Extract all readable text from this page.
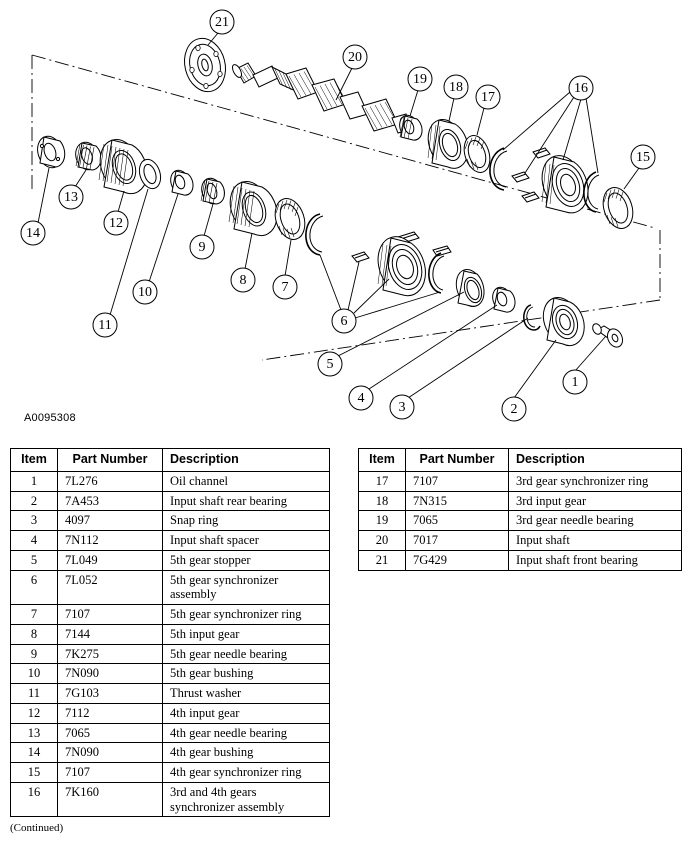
1
2
3
4
5
6
7
8
9
10
11
12
13
14
15
16
17
18
19
20
21
A0095308
Item	Part Number	Description
1	7L276	Oil channel
2	7A453	Input shaft rear bearing
3	4097	Snap ring
4	7N112	Input shaft spacer
5	7L049	5th gear stopper
6	7L052	5th gear synchronizer assembly
7	7107	5th gear synchronizer ring
8	7144	5th input gear
9	7K275	5th gear needle bearing
10	7N090	5th gear bushing
11	7G103	Thrust washer
12	7112	4th input gear
13	7065	4th gear needle bearing
14	7N090	4th gear bushing
15	7107	4th gear synchronizer ring
16	7K160	3rd and 4th gears synchronizer assembly
Item	Part Number	Description
17	7107	3rd gear synchronizer ring
18	7N315	3rd input gear
19	7065	3rd gear needle bearing
20	7017	Input shaft
21	7G429	Input shaft front bearing
(Continued)
